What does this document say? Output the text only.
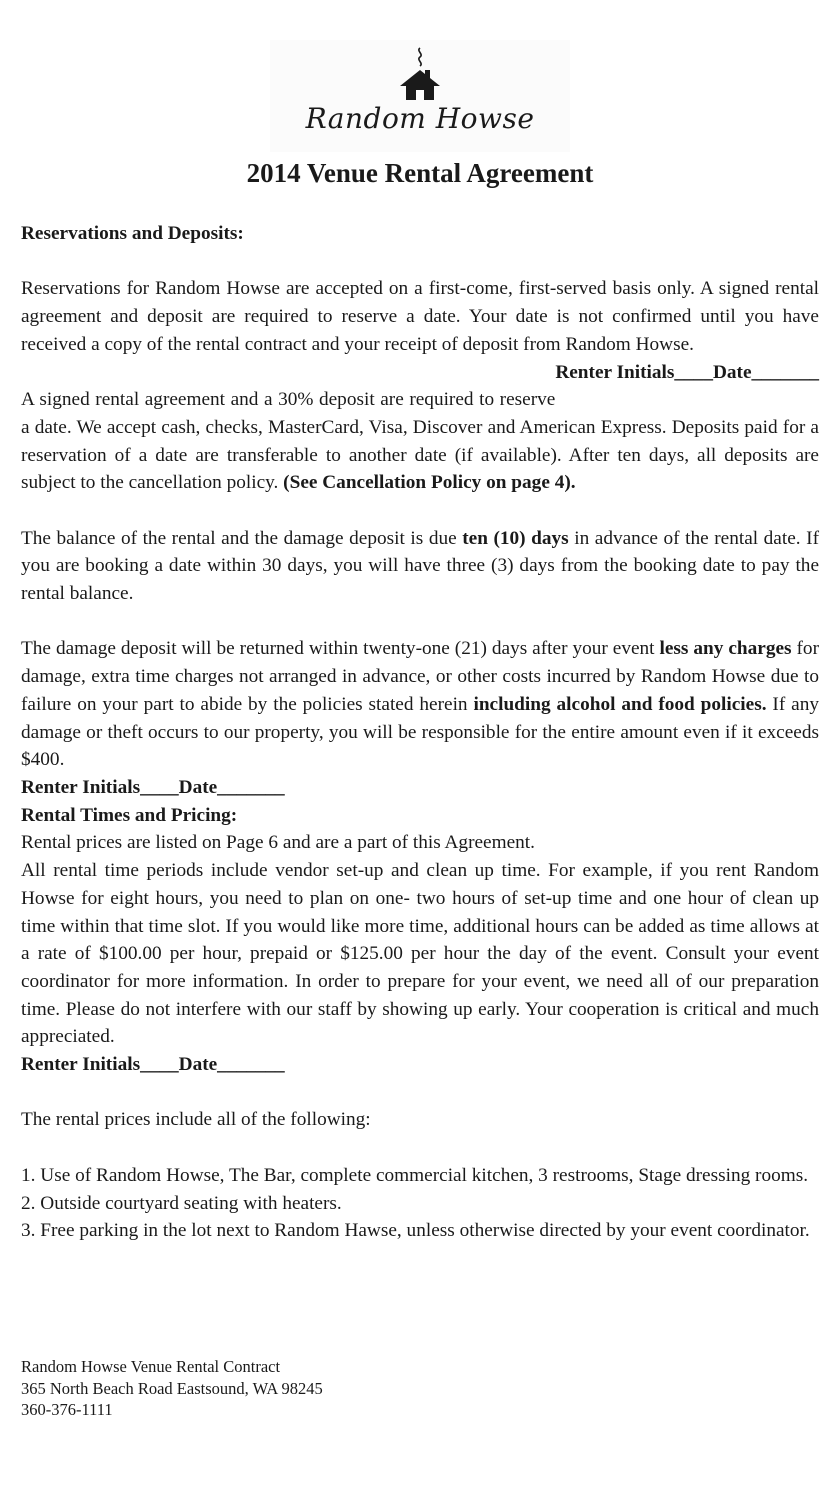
Random Howse
2014 Venue Rental Agreement

Reservations and Deposits:

Reservations for Random Howse are accepted on a first-come, first-served basis only. A signed rental agreement and deposit are required to reserve a date. Your date is not confirmed until you have received a copy of the rental contract and your receipt of deposit from Random Howse.
Renter Initials____Date_______

A signed rental agreement and a 30% deposit are required to reserve a date. We accept cash, checks, MasterCard, Visa, Discover and American Express. Deposits paid for a reservation of a date are transferable to another date (if available). After ten days, all deposits are subject to the cancellation policy. (See Cancellation Policy on page 4).

The balance of the rental and the damage deposit is due ten (10) days in advance of the rental date. If you are booking a date within 30 days, you will have three (3) days from the booking date to pay the rental balance.

The damage deposit will be returned within twenty-one (21) days after your event less any charges for damage, extra time charges not arranged in advance, or other costs incurred by Random Howse due to failure on your part to abide by the policies stated herein including alcohol and food policies. If any damage or theft occurs to our property, you will be responsible for the entire amount even if it exceeds $400.

Renter Initials____Date_______

Rental Times and Pricing:

Rental prices are listed on Page 6 and are a part of this Agreement.

All rental time periods include vendor set-up and clean up time. For example, if you rent Random Howse for eight hours, you need to plan on one- two hours of set-up time and one hour of clean up time within that time slot. If you would like more time, additional hours can be added as time allows at a rate of $100.00 per hour, prepaid or $125.00 per hour the day of the event. Consult your event coordinator for more information. In order to prepare for your event, we need all of our preparation time. Please do not interfere with our staff by showing up early. Your cooperation is critical and much appreciated.

Renter Initials____Date_______

The rental prices include all of the following:

1. Use of Random Howse, The Bar, complete commercial kitchen, 3 restrooms, Stage dressing rooms.

2. Outside courtyard seating with heaters.

3. Free parking in the lot next to Random Hawse, unless otherwise directed by your event coordinator.

Random Howse Venue Rental Contract
365 North Beach Road Eastsound, WA 98245
360-376-1111
